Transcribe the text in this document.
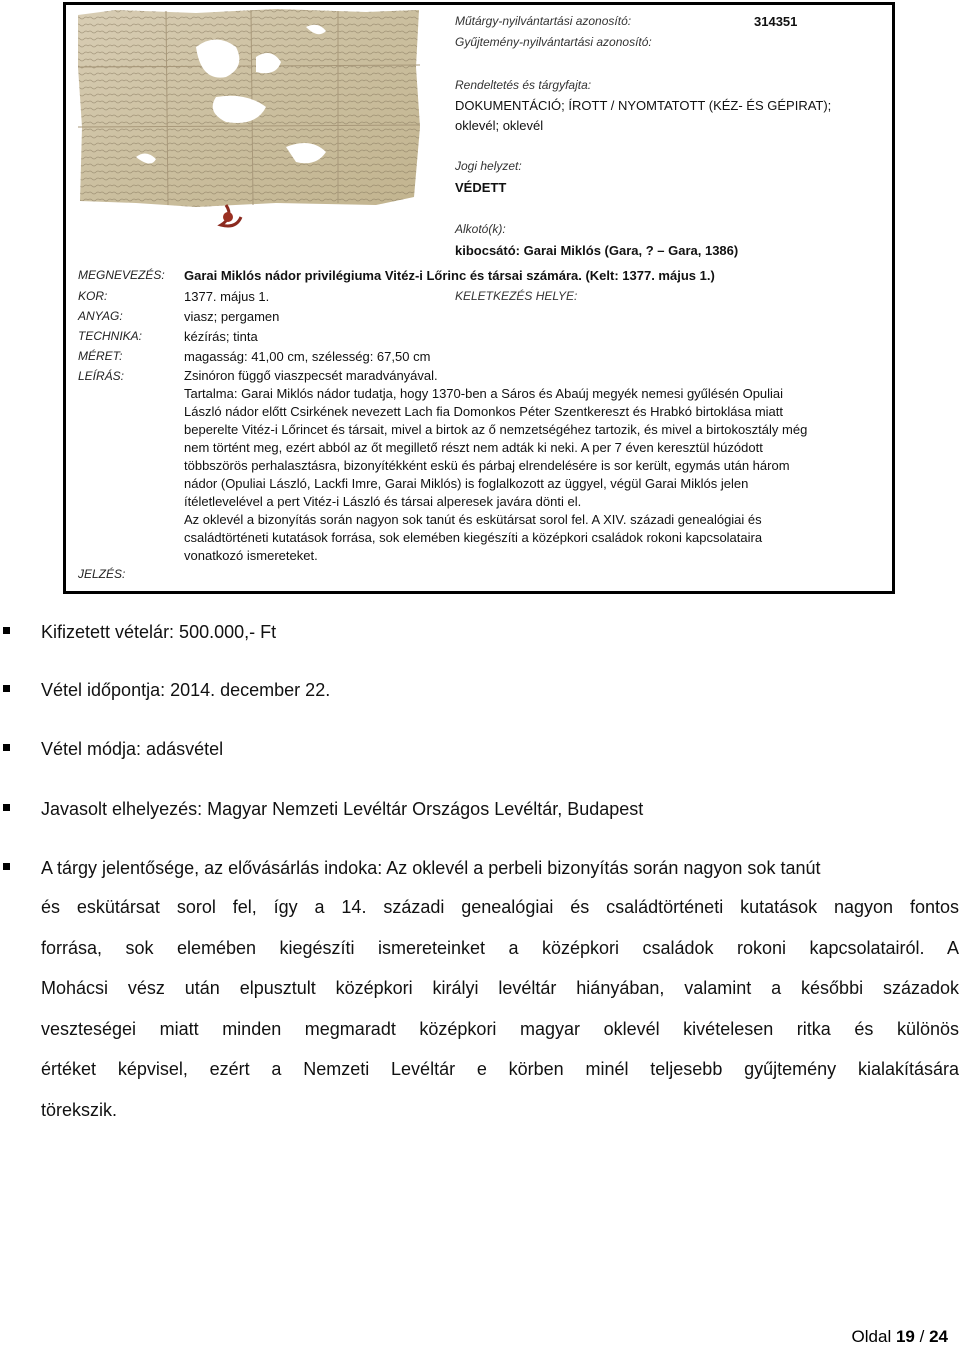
Műtárgy-nyilvántartási azonosító:	314351
Gyűjtemény-nyilvántartási azonosító:
Rendeltetés és tárgyfajta:
DOKUMENTÁCIÓ; ÍROTT / NYOMTATOTT (KÉZ- ÉS GÉPIRAT);
oklevél; oklevél
Jogi helyzet:
VÉDETT
Alkotó(k):
kibocsátó: Garai Miklós (Gara, ? – Gara, 1386)
MEGNEVEZÉS: Garai Miklós nádor privilégiuma Vitéz-i Lőrinc és társai számára. (Kelt: 1377. május 1.)
KOR:	1377. május 1.	KELETKEZÉS HELYE:
ANYAG:	viasz; pergamen
TECHNIKA:	kézírás; tinta
MÉRET:	magasság: 41,00 cm, szélesség: 67,50 cm
LEÍRÁS:	Zsinóron függő viaszpecsét maradványával.
Tartalma: Garai Miklós nádor tudatja, hogy 1370-ben a Sáros és Abaúj megyék nemesi gyűlésén Opuliai
László nádor előtt Csirkének nevezett Lach fia Domonkos Péter Szentkereszt és Hrabkó birtoklása miatt
beperelte Vitéz-i Lőrincet és társait, mivel a birtok az ő nemzetségéhez tartozik, és mivel a birtokosztály még
nem történt meg, ezért abból az őt megillető részt nem adták ki neki. A per 7 éven keresztül húzódott
többszörös perhalasztásra, bizonyítékként eskü és párbaj elrendelésére is sor került, egymás után három
nádor (Opuliai László, Lackfi Imre, Garai Miklós) is foglalkozott az üggyel, végül Garai Miklós jelen
ítéletlevelével a pert Vitéz-i László és társai alperesek javára dönti el.
Az oklevél a bizonyítás során nagyon sok tanút és eskütársat sorol fel. A XIV. századi genealógiai és
családtörténeti kutatások forrása, sok elemében kiegészíti a középkori családok rokoni kapcsolataira
vonatkozó ismereteket.
JELZÉS:
Kifizetett vételár: 500.000,- Ft
Vétel időpontja: 2014. december 22.
Vétel módja: adásvétel
Javasolt elhelyezés: Magyar Nemzeti Levéltár Országos Levéltár, Budapest
A tárgy jelentősége, az elővásárlás indoka: Az oklevél a perbeli bizonyítás során nagyon sok tanút
és eskütársat sorol fel, így a 14. századi genealógiai és családtörténeti kutatások nagyon fontos
forrása, sok elemében kiegészíti ismereteinket a középkori családok rokoni kapcsolatairól. A
Mohácsi vész után elpusztult középkori királyi levéltár hiányában, valamint a későbbi századok
veszteségei miatt minden megmaradt középkori magyar oklevél kivételesen ritka és különös
értéket képvisel, ezért a Nemzeti Levéltár e körben minél teljesebb gyűjtemény kialakítására
törekszik.
Oldal 19 / 24
